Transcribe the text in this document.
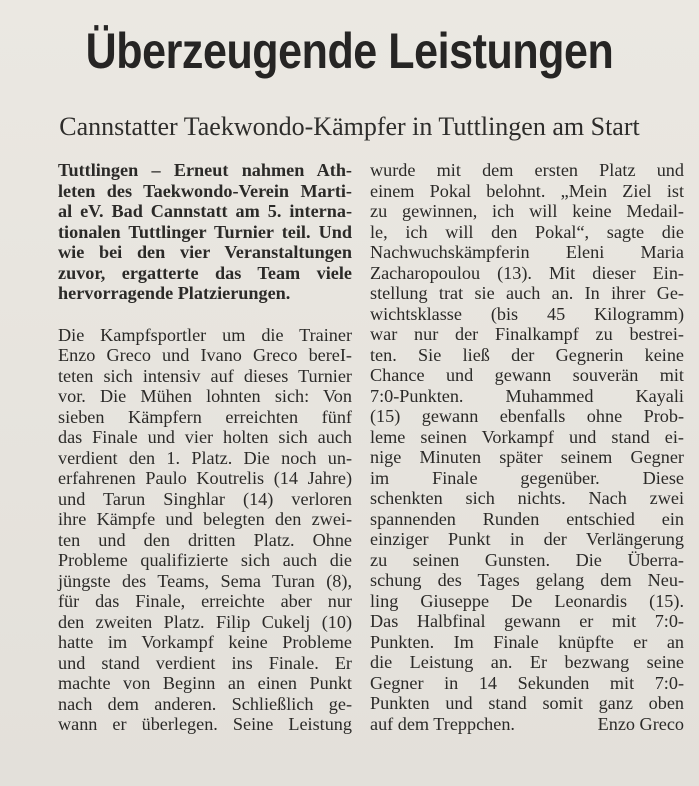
Überzeugende Leistungen
Cannstatter Taekwondo-Kämpfer in Tuttlingen am Start
Tuttlingen – Erneut nahmen Ath-
leten des Taekwondo-Verein Marti-
al eV. Bad Cannstatt am 5. interna-
tionalen Tuttlinger Turnier teil. Und
wie bei den vier Veranstaltungen
zuvor, ergatterte das Team viele
hervorragende Platzierungen.
Die Kampfsportler um die Trainer
Enzo Greco und Ivano Greco bereI-
teten sich intensiv auf dieses Turnier
vor. Die Mühen lohnten sich: Von
sieben Kämpfern erreichten fünf
das Finale und vier holten sich auch
verdient den 1. Platz. Die noch un-
erfahrenen Paulo Koutrelis (14 Jahre)
und Tarun Singhlar (14) verloren
ihre Kämpfe und belegten den zwei-
ten und den dritten Platz. Ohne
Probleme qualifizierte sich auch die
jüngste des Teams, Sema Turan (8),
für das Finale, erreichte aber nur
den zweiten Platz. Filip Cukelj (10)
hatte im Vorkampf keine Probleme
und stand verdient ins Finale. Er
machte von Beginn an einen Punkt
nach dem anderen. Schließlich ge-
wann er überlegen. Seine Leistung
wurde mit dem ersten Platz und
einem Pokal belohnt. „Mein Ziel ist
zu gewinnen, ich will keine Medail-
le, ich will den Pokal“, sagte die
Nachwuchskämpferin Eleni Maria
Zacharopoulou (13). Mit dieser Ein-
stellung trat sie auch an. In ihrer Ge-
wichtsklasse (bis 45 Kilogramm)
war nur der Finalkampf zu bestrei-
ten. Sie ließ der Gegnerin keine
Chance und gewann souverän mit
7:0-Punkten. Muhammed Kayali
(15) gewann ebenfalls ohne Prob-
leme seinen Vorkampf und stand ei-
nige Minuten später seinem Gegner
im Finale gegenüber. Diese
schenkten sich nichts. Nach zwei
spannenden Runden entschied ein
einziger Punkt in der Verlängerung
zu seinen Gunsten. Die Überra-
schung des Tages gelang dem Neu-
ling Giuseppe De Leonardis (15).
Das Halbfinal gewann er mit 7:0-
Punkten. Im Finale knüpfte er an
die Leistung an. Er bezwang seine
Gegner in 14 Sekunden mit 7:0-
Punkten und stand somit ganz oben
auf dem Treppchen.	Enzo Greco
